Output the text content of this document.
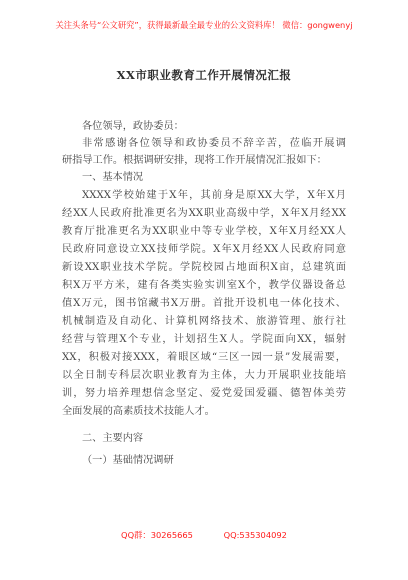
关注头条号“公文研究”，获得最新最全最专业的公文资料库！ 微信：gongwenyj
XX市职业教育工作开展情况汇报
各位领导，政协委员：
非常感谢各位领导和政协委员不辞辛苦，莅临开展调
研指导工作。根据调研安排，现将工作开展情况汇报如下：
一、基本情况
XXXX学校始建于X年，其前身是原XX大学，X年X月
经XX人民政府批准更名为XX职业高级中学，X年X月经XX
教育厅批准更名为XX职业中等专业学校，X年X月经XX人
民政府同意设立XX技师学院。X年X月经XX人民政府同意
新设XX职业技术学院。学院校园占地面积X亩，总建筑面
积X万平方米，建有各类实验实训室X个，教学仪器设备总
值X万元，图书馆藏书X万册。首批开设机电一体化技术、
机械制造及自动化、计算机网络技术、旅游管理、旅行社
经营与管理X个专业，计划招生X人。学院面向XX，辐射
XX，积极对接XXX，着眼区域“三区一园一景”发展需要，
以全日制专科层次职业教育为主体，大力开展职业技能培
训，努力培养理想信念坚定、爱党爱国爱疆、德智体美劳
全面发展的高素质技术技能人才。
二、主要内容
（一）基础情况调研
QQ群：30265665	QQ:535304092
